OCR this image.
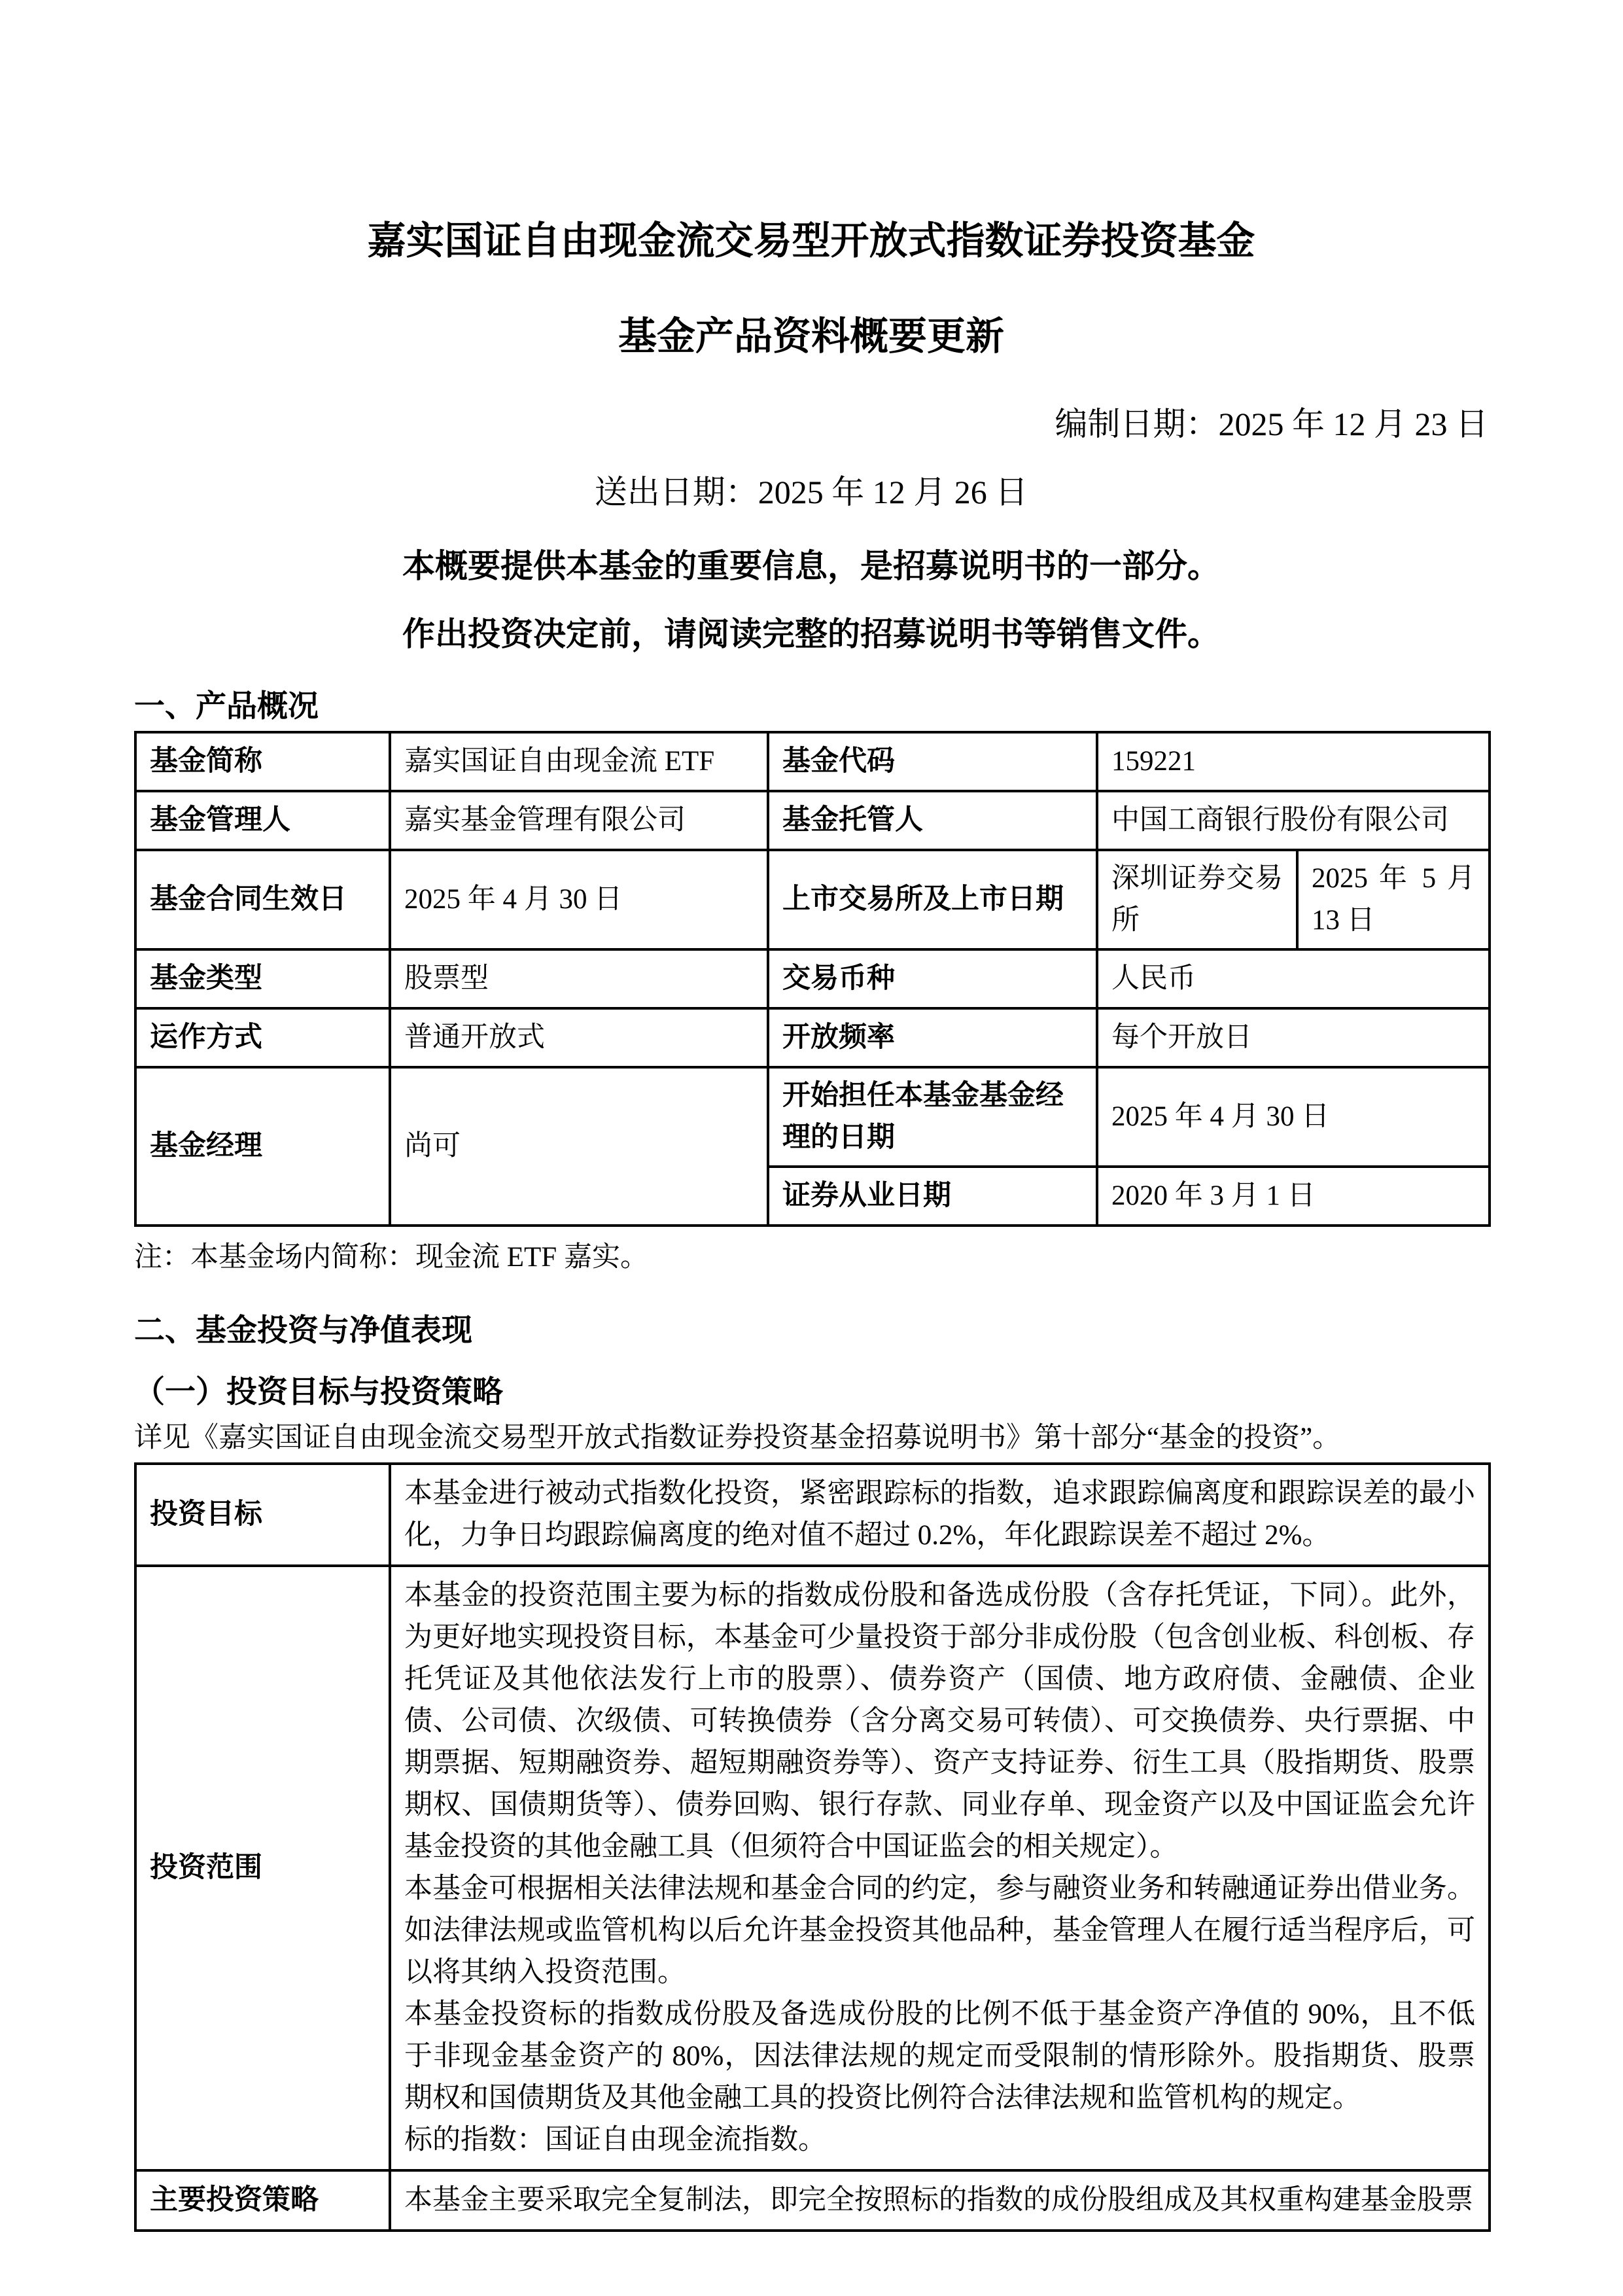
嘉实国证自由现金流交易型开放式指数证券投资基金
基金产品资料概要更新
编制日期：2025 年 12 月 23 日
送出日期：2025 年 12 月 26 日
本概要提供本基金的重要信息，是招募说明书的一部分。
作出投资决定前，请阅读完整的招募说明书等销售文件。
一、产品概况
基金简称	嘉实国证自由现金流 ETF	基金代码	159221	
基金管理人	嘉实基金管理有限公司	基金托管人	中国工商银行股份有限公司	
基金合同生效日	2025 年 4 月 30 日	上市交易所及上市日期	深圳证券交易所	2025 年 5 月 13 日
基金类型	股票型	交易币种	人民币	
运作方式	普通开放式	开放频率	每个开放日	
基金经理	尚可	开始担任本基金基金经理的日期	2025 年 4 月 30 日	
		证券从业日期	2020 年 3 月 1 日	
注：本基金场内简称：现金流 ETF 嘉实。
二、基金投资与净值表现
（一）投资目标与投资策略
详见《嘉实国证自由现金流交易型开放式指数证券投资基金招募说明书》第十部分“基金的投资”。
投资目标	本基金进行被动式指数化投资，紧密跟踪标的指数，追求跟踪偏离度和跟踪误差的最小化，力争日均跟踪偏离度的绝对值不超过 0.2%，年化跟踪误差不超过 2%。
投资范围	本基金的投资范围主要为标的指数成份股和备选成份股（含存托凭证，下同）。此外，为更好地实现投资目标，本基金可少量投资于部分非成份股（包含创业板、科创板、存托凭证及其他依法发行上市的股票）、债券资产（国债、地方政府债、金融债、企业债、公司债、次级债、可转换债券（含分离交易可转债）、可交换债券、央行票据、中期票据、短期融资券、超短期融资券等）、资产支持证券、衍生工具（股指期货、股票期权、国债期货等）、债券回购、银行存款、同业存单、现金资产以及中国证监会允许基金投资的其他金融工具（但须符合中国证监会的相关规定）。

本基金可根据相关法律法规和基金合同的约定，参与融资业务和转融通证券出借业务。如法律法规或监管机构以后允许基金投资其他品种，基金管理人在履行适当程序后，可以将其纳入投资范围。

本基金投资标的指数成份股及备选成份股的比例不低于基金资产净值的 90%，且不低于非现金基金资产的 80%，因法律法规的规定而受限制的情形除外。股指期货、股票期权和国债期货及其他金融工具的投资比例符合法律法规和监管机构的规定。

标的指数：国证自由现金流指数。

主要投资策略	本基金主要采取完全复制法，即完全按照标的指数的成份股组成及其权重构建基金股票
